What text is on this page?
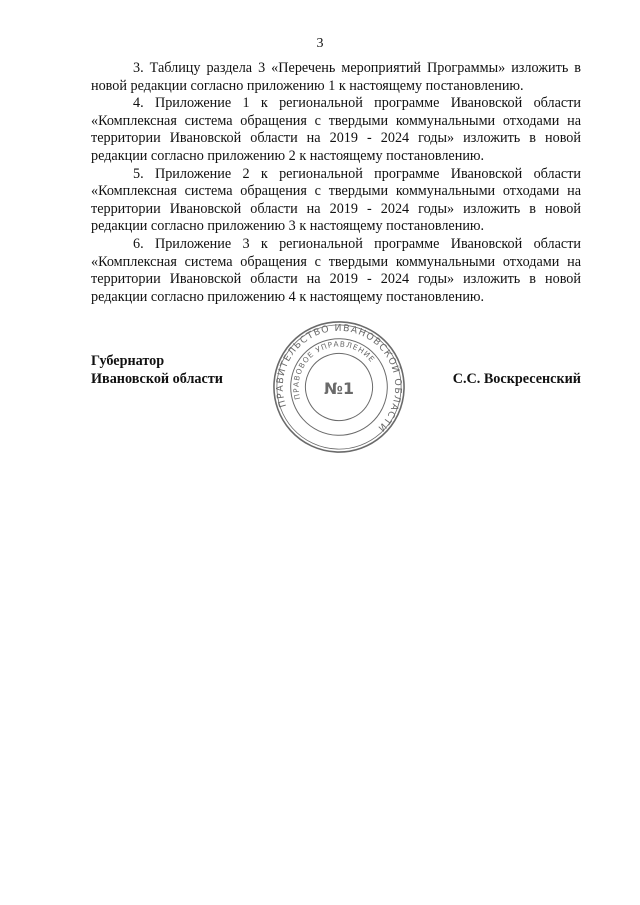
3

3. Таблицу раздела 3 «Перечень мероприятий Программы» изложить в новой редакции согласно приложению 1 к настоящему постановлению.

4. Приложение 1 к региональной программе Ивановской области «Комплексная система обращения с твердыми коммунальными отходами на территории Ивановской области на 2019 - 2024 годы» изложить в новой редакции согласно приложению 2 к настоящему постановлению.

5. Приложение 2 к региональной программе Ивановской области «Комплексная система обращения с твердыми коммунальными отходами на территории Ивановской области на 2019 - 2024 годы» изложить в новой редакции согласно приложению 3 к настоящему постановлению.

6. Приложение 3 к региональной программе Ивановской области «Комплексная система обращения с твердыми коммунальными отходами на территории Ивановской области на 2019 - 2024 годы» изложить в новой редакции согласно приложению 4 к настоящему постановлению.

Губернатор
Ивановской области
ПРАВИТЕЛЬСТВО ИВАНОВСКОЙ ОБЛАСТИ
ПРАВОВОЕ УПРАВЛЕНИЕ
№1
С.С. Воскресенский
